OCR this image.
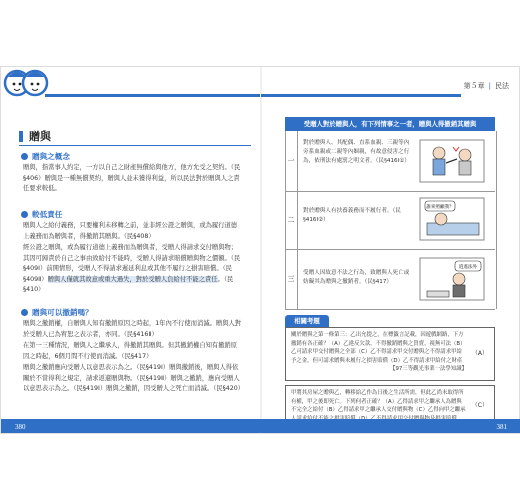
贈與
贈與之概念
贈與，指當事人約定，一方以自己之財產無償給與他方，他方允受之契約。（民§406）贈與是一種無償契約，贈與人並未獲得利益，所以民法對於贈與人之責任要求較低。
較低責任
贈與人之給付義務，只要權利未移轉之前，並非經公證之贈與，或為履行道德上義務而為贈與者，得撤銷其贈與。（民§408）
經公證之贈與，或為履行道德上義務而為贈與者，受贈人得請求交付贈與物；其因可歸責於自己之事由致給付不能時，受贈人得請求賠償贈與物之價額。（民§409Ⅰ）前開情形，受贈人不得請求遲延利息或其他不履行之損害賠償。（民§409Ⅱ）贈與人僅就其故意或重大過失，對於受贈人負給付不能之責任。（民§410）
贈與可以撤銷嗎？
贈與之撤銷權，自贈與人知有撤銷原因之時起，1年內不行使而消滅。贈與人對於受贈人已為宥恕之表示者，亦同。（民§416Ⅱ）
在第一三種情況，贈與人之繼承人，得撤銷其贈與。但其撤銷權自知有撤銷原因之時起，6個月間不行使而消滅。（民§417）
贈與之撤銷應向受贈人以意思表示為之。（民§419Ⅰ）贈與撤銷後，贈與人得依關於不當得利之規定，請求返還贈與物。（民§419Ⅱ）贈與之撤銷，應向受贈人以意思表示為之。（民§419Ⅰ）贈與之撤銷，因受贈人之死亡而消滅。（民§420）
第５章 | 民法
受贈人對於贈與人，有下列情事之一者，贈與人得撤銷其贈與
一
對於贈與人、其配偶、直系血親、三親等內旁系血親或二親等內姻親，有故意侵害之行為，依刑法有處罰之明文者。（民§416Ⅰ①）
二
對於贈與人有扶養義務而不履行者。（民§416Ⅰ②）
誰來照顧我？
三
受贈人因故意不法之行為，致贈與人死亡或妨礙其為贈與之撤銷者。（民§417）
逍遙法外
相關考題
關於贈與之第一條第三：乙出允提之，在標籤言記載，因遊戲網路，下方撤銷有各正確？（A）乙違反欠款，不得撤銷贈與之買賣，視無可法（B）乙可請求甲交付贈與之全部（C）乙不得請求甲交付贈與之不得請求甲給予之金，但可請求贈與未履行之損害賠償（D）乙不得請求甲給付之財產
【97三等觀光事業一法學知識】
（A）
甲將其房屋之贈與乙，轉移給乙作為日後之生活所需，但此乙尚未取得所有權，甲之後即死亡。下列何者正確？（A）乙得請求甲之繼承人為贈與不完全之給付（B）乙得請求甲之繼承人交付贈與物（C）乙得向甲之繼承
（C）
380	381
